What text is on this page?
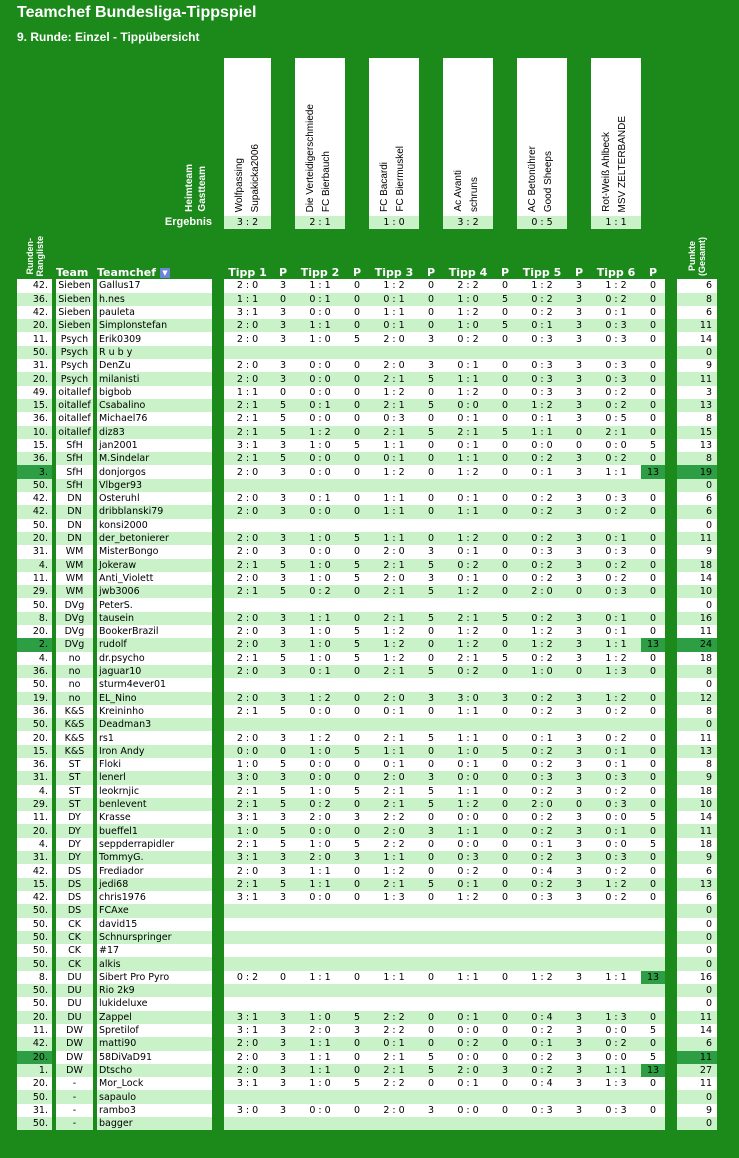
Teamchef Bundesliga-Tippspiel
9. Runde: Einzel - Tippübersicht
Heimteam Gastteam						Wolfpassing Supakicka2006		Die Verteidigerschmiede FC Bierbauch		FC Bacardi FC Biermuskel		Ac Avanti schruns		AC Betonührer Good Sheeps		Rot-Weiß Ahlbeck MSV ZELTERBANDE			
Ergebnis						3 : 2		2 : 1		1 : 0		3 : 2		0 : 5		1 : 1			
Runden-
Rangliste		Team		Teamchef ▼		Tipp 1	P	Tipp 2	P	Tipp 3	P	Tipp 4	P	Tipp 5	P	Tipp 6	P		Punkte
(Gesamt)
42.		Sieben		Gallus17		2 : 0	3	1 : 1	0	1 : 2	0	2 : 2	0	1 : 2	3	1 : 2	0		6
36.		Sieben		h.nes		1 : 1	0	0 : 1	0	0 : 1	0	1 : 0	5	0 : 2	3	0 : 2	0		8
42.		Sieben		pauleta		3 : 1	3	0 : 0	0	1 : 1	0	1 : 2	0	0 : 2	3	0 : 1	0		6
20.		Sieben		Simplonstefan		2 : 0	3	1 : 1	0	0 : 1	0	1 : 0	5	0 : 1	3	0 : 3	0		11
11.		Psych		Erik0309		2 : 0	3	1 : 0	5	2 : 0	3	0 : 2	0	0 : 3	3	0 : 3	0		14
50.		Psych		R u b y															0
31.		Psych		DenZu		2 : 0	3	0 : 0	0	2 : 0	3	0 : 1	0	0 : 3	3	0 : 3	0		9
20.		Psych		milanisti		2 : 0	3	0 : 0	0	2 : 1	5	1 : 1	0	0 : 3	3	0 : 3	0		11
49.		oitallef		bigbob		1 : 1	0	0 : 0	0	1 : 2	0	1 : 2	0	0 : 3	3	0 : 2	0		3
15.		oitallef		Csabalino		2 : 1	5	0 : 1	0	2 : 1	5	0 : 0	0	1 : 2	3	0 : 2	0		13
36.		oitallef		Michael76		2 : 1	5	0 : 0	0	0 : 3	0	0 : 1	0	0 : 1	3	0 : 5	0		8
10.		oitallef		diz83		2 : 1	5	1 : 2	0	2 : 1	5	2 : 1	5	1 : 1	0	2 : 1	0		15
15.		SfH		jan2001		3 : 1	3	1 : 0	5	1 : 1	0	0 : 1	0	0 : 0	0	0 : 0	5		13
36.		SfH		M.Sindelar		2 : 1	5	0 : 0	0	0 : 1	0	1 : 1	0	0 : 2	3	0 : 2	0		8
3.		SfH		donjorgos		2 : 0	3	0 : 0	0	1 : 2	0	1 : 2	0	0 : 1	3	1 : 1	13		19
50.		SfH		Vlbger93															0
42.		DN		Osteruhl		2 : 0	3	0 : 1	0	1 : 1	0	0 : 1	0	0 : 2	3	0 : 3	0		6
42.		DN		dribblanski79		2 : 0	3	0 : 0	0	1 : 1	0	1 : 1	0	0 : 2	3	0 : 2	0		6
50.		DN		konsi2000															0
20.		DN		der_betonierer		2 : 0	3	1 : 0	5	1 : 1	0	1 : 2	0	0 : 2	3	0 : 1	0		11
31.		WM		MisterBongo		2 : 0	3	0 : 0	0	2 : 0	3	0 : 1	0	0 : 3	3	0 : 3	0		9
4.		WM		Jokeraw		2 : 1	5	1 : 0	5	2 : 1	5	0 : 2	0	0 : 2	3	0 : 2	0		18
11.		WM		Anti_Violett		2 : 0	3	1 : 0	5	2 : 0	3	0 : 1	0	0 : 2	3	0 : 2	0		14
29.		WM		jwb3006		2 : 1	5	0 : 2	0	2 : 1	5	1 : 2	0	2 : 0	0	0 : 3	0		10
50.		DVg		PeterS.															0
8.		DVg		tausein		2 : 0	3	1 : 1	0	2 : 1	5	2 : 1	5	0 : 2	3	0 : 1	0		16
20.		DVg		BookerBrazil		2 : 0	3	1 : 0	5	1 : 2	0	1 : 2	0	1 : 2	3	0 : 1	0		11
2.		DVg		rudolf		2 : 0	3	1 : 0	5	1 : 2	0	1 : 2	0	1 : 2	3	1 : 1	13		24
4.		no		dr.psycho		2 : 1	5	1 : 0	5	1 : 2	0	2 : 1	5	0 : 2	3	1 : 2	0		18
36.		no		jaguar10		2 : 0	3	0 : 1	0	2 : 1	5	0 : 2	0	1 : 0	0	1 : 3	0		8
50.		no		sturm4ever01															0
19.		no		EL_Nino		2 : 0	3	1 : 2	0	2 : 0	3	3 : 0	3	0 : 2	3	1 : 2	0		12
36.		K&S		Kreininho		2 : 1	5	0 : 0	0	0 : 1	0	1 : 1	0	0 : 2	3	0 : 2	0		8
50.		K&S		Deadman3															0
20.		K&S		rs1		2 : 0	3	1 : 2	0	2 : 1	5	1 : 1	0	0 : 1	3	0 : 2	0		11
15.		K&S		Iron Andy		0 : 0	0	1 : 0	5	1 : 1	0	1 : 0	5	0 : 2	3	0 : 1	0		13
36.		ST		Floki		1 : 0	5	0 : 0	0	0 : 1	0	0 : 1	0	0 : 2	3	0 : 1	0		8
31.		ST		lenerl		3 : 0	3	0 : 0	0	2 : 0	3	0 : 0	0	0 : 3	3	0 : 3	0		9
4.		ST		leokrnjic		2 : 1	5	1 : 0	5	2 : 1	5	1 : 1	0	0 : 2	3	0 : 2	0		18
29.		ST		benlevent		2 : 1	5	0 : 2	0	2 : 1	5	1 : 2	0	2 : 0	0	0 : 3	0		10
11.		DY		Krasse		3 : 1	3	2 : 0	3	2 : 2	0	0 : 0	0	0 : 2	3	0 : 0	5		14
20.		DY		bueffel1		1 : 0	5	0 : 0	0	2 : 0	3	1 : 1	0	0 : 2	3	0 : 1	0		11
4.		DY		seppderrapidler		2 : 1	5	1 : 0	5	2 : 2	0	0 : 0	0	0 : 1	3	0 : 0	5		18
31.		DY		TommyG.		3 : 1	3	2 : 0	3	1 : 1	0	0 : 3	0	0 : 2	3	0 : 3	0		9
42.		DS		Frediador		2 : 0	3	1 : 1	0	1 : 2	0	0 : 2	0	0 : 4	3	0 : 2	0		6
15.		DS		jedi68		2 : 1	5	1 : 1	0	2 : 1	5	0 : 1	0	0 : 2	3	1 : 2	0		13
42.		DS		chris1976		3 : 1	3	0 : 0	0	1 : 3	0	1 : 2	0	0 : 3	3	0 : 2	0		6
50.		DS		FCAxe															0
50.		CK		david15															0
50.		CK		Schnurspringer															0
50.		CK		#17															0
50.		CK		alkis															0
8.		DU		Sibert Pro Pyro		0 : 2	0	1 : 1	0	1 : 1	0	1 : 1	0	1 : 2	3	1 : 1	13		16
50.		DU		Rio 2k9															0
50.		DU		lukideluxe															0
20.		DU		Zappel		3 : 1	3	1 : 0	5	2 : 2	0	0 : 1	0	0 : 4	3	1 : 3	0		11
11.		DW		Spretilof		3 : 1	3	2 : 0	3	2 : 2	0	0 : 0	0	0 : 2	3	0 : 0	5		14
42.		DW		matti90		2 : 0	3	1 : 1	0	0 : 1	0	0 : 2	0	0 : 1	3	0 : 2	0		6
20.		DW		58DiVaD91		2 : 0	3	1 : 1	0	2 : 1	5	0 : 0	0	0 : 2	3	0 : 0	5		11
1.		DW		Dtscho		2 : 0	3	1 : 1	0	2 : 1	5	2 : 0	3	0 : 2	3	1 : 1	13		27
20.		-		Mor_Lock		3 : 1	3	1 : 0	5	2 : 2	0	0 : 1	0	0 : 4	3	1 : 3	0		11
50.		-		sapaulo															0
31.		-		rambo3		3 : 0	3	0 : 0	0	2 : 0	3	0 : 0	0	0 : 3	3	0 : 3	0		9
50.		-		bagger															0
